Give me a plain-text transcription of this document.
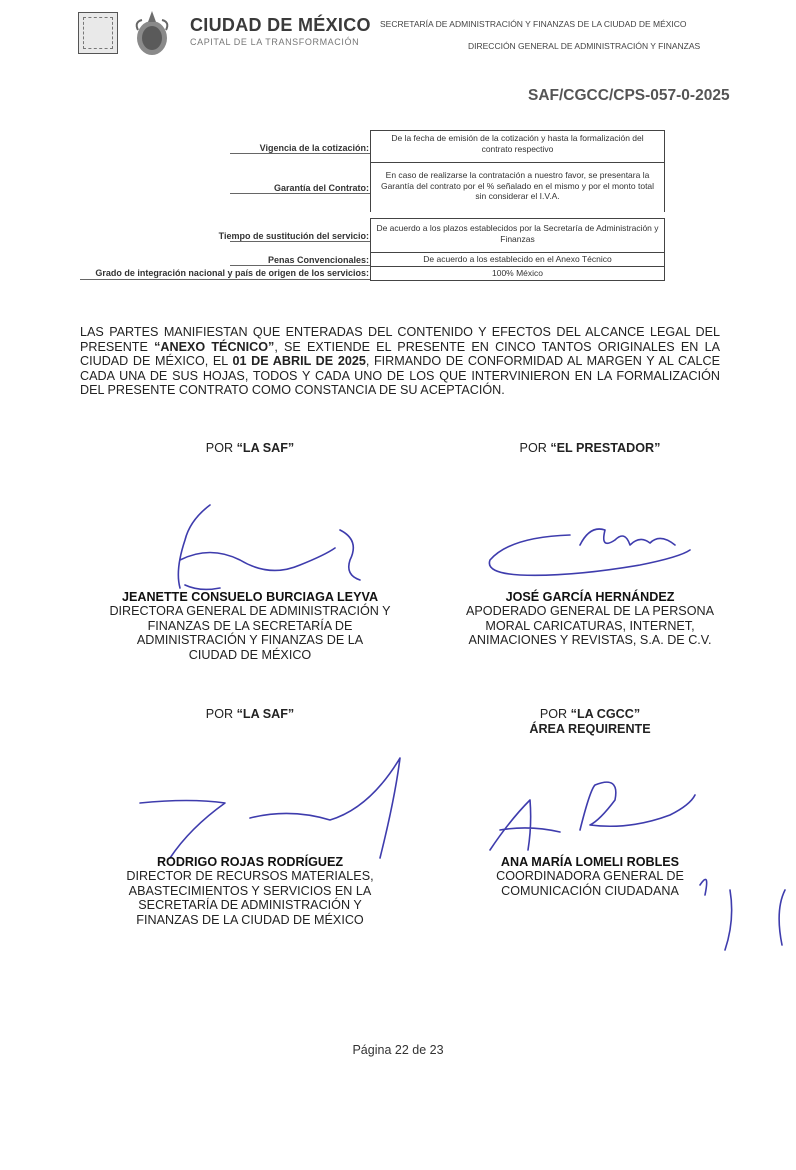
CIUDAD DE MÉXICO
CAPITAL DE LA TRANSFORMACIÓN
SECRETARÍA DE ADMINISTRACIÓN Y FINANZAS DE LA CIUDAD DE MÉXICO
DIRECCIÓN GENERAL DE ADMINISTRACIÓN Y FINANZAS
SAF/CGCC/CPS-057-0-2025
Vigencia de la cotización:
De la fecha de emisión de la cotización y hasta la formalización del contrato respectivo
Garantía del Contrato:
En caso de realizarse la contratación a nuestro favor, se presentara la Garantía del contrato por el % señalado en el mismo y por el monto total sin considerar el I.V.A.
Tiempo de sustitución del servicio:
De acuerdo a los plazos establecidos por la Secretaría de Administración y Finanzas
Penas Convencionales:	De acuerdo a los establecido en el Anexo Técnico
Grado de integración nacional y país de origen de los servicios:	100% México
LAS PARTES MANIFIESTAN QUE ENTERADAS DEL CONTENIDO Y EFECTOS DEL ALCANCE LEGAL DEL PRESENTE “ANEXO TÉCNICO”, SE EXTIENDE EL PRESENTE EN CINCO TANTOS ORIGINALES EN LA CIUDAD DE MÉXICO, EL 01 DE ABRIL DE 2025, FIRMANDO DE CONFORMIDAD AL MARGEN Y AL CALCE CADA UNA DE SUS HOJAS, TODOS Y CADA UNO DE LOS QUE INTERVINIERON EN LA FORMALIZACIÓN DEL PRESENTE CONTRATO COMO CONSTANCIA DE SU ACEPTACIÓN.
POR “LA SAF”
JEANETTE CONSUELO BURCIAGA LEYVA
DIRECTORA GENERAL DE ADMINISTRACIÓN Y
FINANZAS DE LA SECRETARÍA DE
ADMINISTRACIÓN Y FINANZAS DE LA
CIUDAD DE MÉXICO
POR “EL PRESTADOR”
JOSÉ GARCÍA HERNÁNDEZ
APODERADO GENERAL DE LA PERSONA
MORAL CARICATURAS, INTERNET,
ANIMACIONES Y REVISTAS, S.A. DE C.V.
POR “LA SAF”
RODRIGO ROJAS RODRÍGUEZ
DIRECTOR DE RECURSOS MATERIALES,
ABASTECIMIENTOS Y SERVICIOS EN LA
SECRETARÍA DE ADMINISTRACIÓN Y
FINANZAS DE LA CIUDAD DE MÉXICO
POR “LA CGCC”
ÁREA REQUIRENTE
ANA MARÍA LOMELI ROBLES
COORDINADORA GENERAL DE
COMUNICACIÓN CIUDADANA
Página 22 de 23
